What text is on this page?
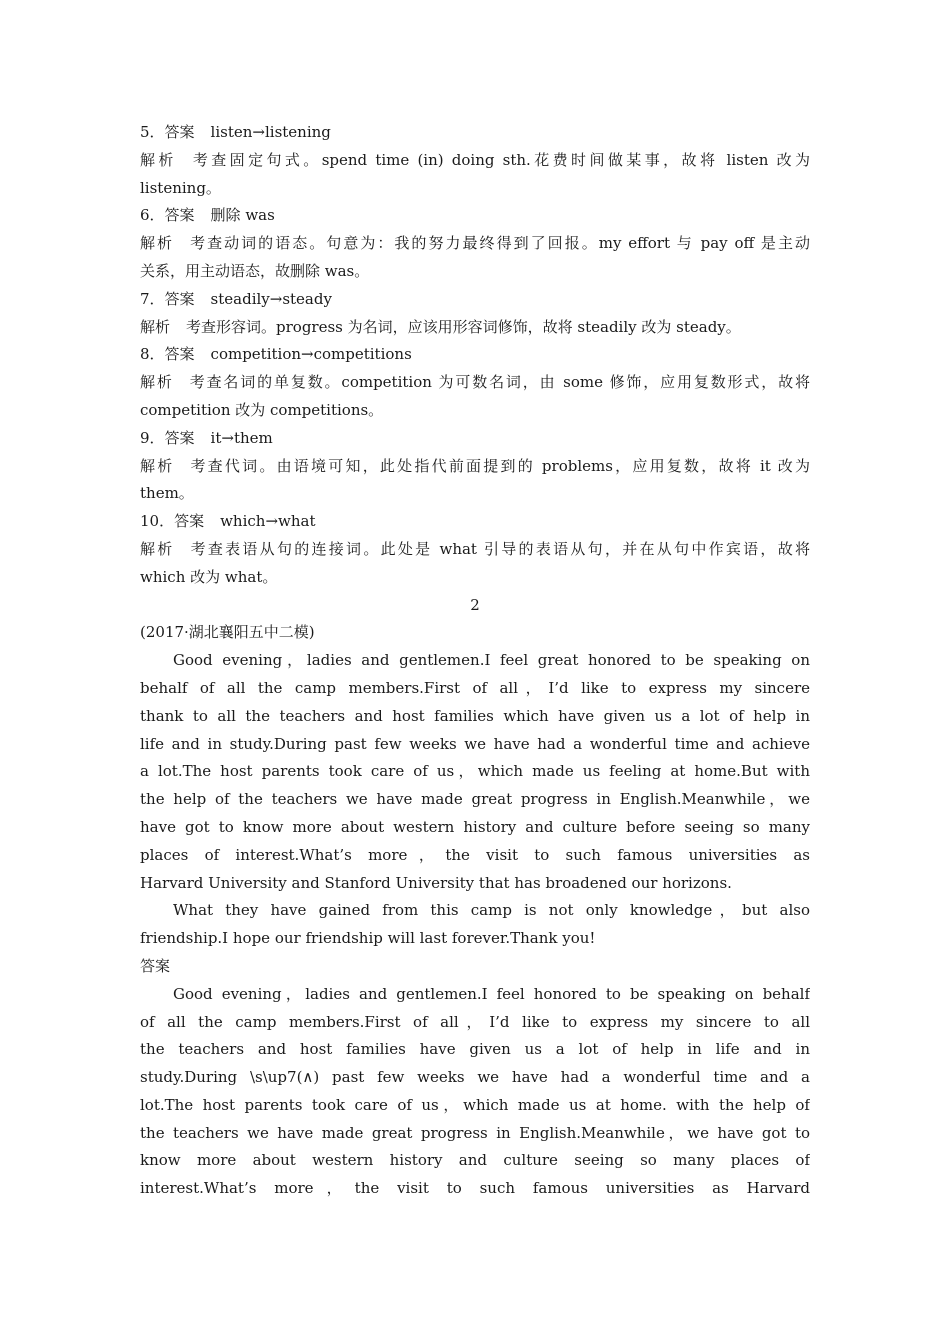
5．答案 listen→listening
解析 考查固定句式。spend time (in) doing sth.花费时间做某事，故将 listen 改为
listening。
6．答案 删除 was
解析 考查动词的语态。句意为：我的努力最终得到了回报。my effort 与 pay off 是主动
关系，用主动语态，故删除 was。
7．答案 steadily→steady
解析 考查形容词。progress 为名词，应该用形容词修饰，故将 steadily 改为 steady。
8．答案 competition→competitions
解析 考查名词的单复数。competition 为可数名词，由 some 修饰，应用复数形式，故将
competition 改为 competitions。
9．答案 it→them
解析 考查代词。由语境可知，此处指代前面提到的 problems，应用复数，故将 it 改为
them。
10．答案 which→what
解析 考查表语从句的连接词。此处是 what 引导的表语从句，并在从句中作宾语，故将
which 改为 what。
2
(2017·湖北襄阳五中二模)
Good evening，ladies and gentlemen.I feel great honored to be speaking on
behalf of all the camp members.First of all，I’d like to express my sincere
thank to all the teachers and host families which have given us a lot of help in
life and in study.During past few weeks we have had a wonderful time and achieve
a lot.The host parents took care of us，which made us feeling at home.But with
the help of the teachers we have made great progress in English.Meanwhile，we
have got to know more about western history and culture before seeing so many
places of interest.What’s more，the visit to such famous universities as
Harvard University and Stanford University that has broadened our horizons.
What they have gained from this camp is not only knowledge，but also
friendship.I hope our friendship will last forever.Thank you!
答案
Good evening，ladies and gentlemen.I feel honored to be speaking on behalf
of all the camp members.First of all，I’d like to express my sincere to all
the teachers and host families have given us a lot of help in life and in
study.During \s\up7(∧) past few weeks we have had a wonderful time and a
lot.The host parents took care of us，which made us at home. with the help of
the teachers we have made great progress in English.Meanwhile，we have got to
know more about western history and culture seeing so many places of
interest.What’s more，the visit to such famous universities as Harvard
